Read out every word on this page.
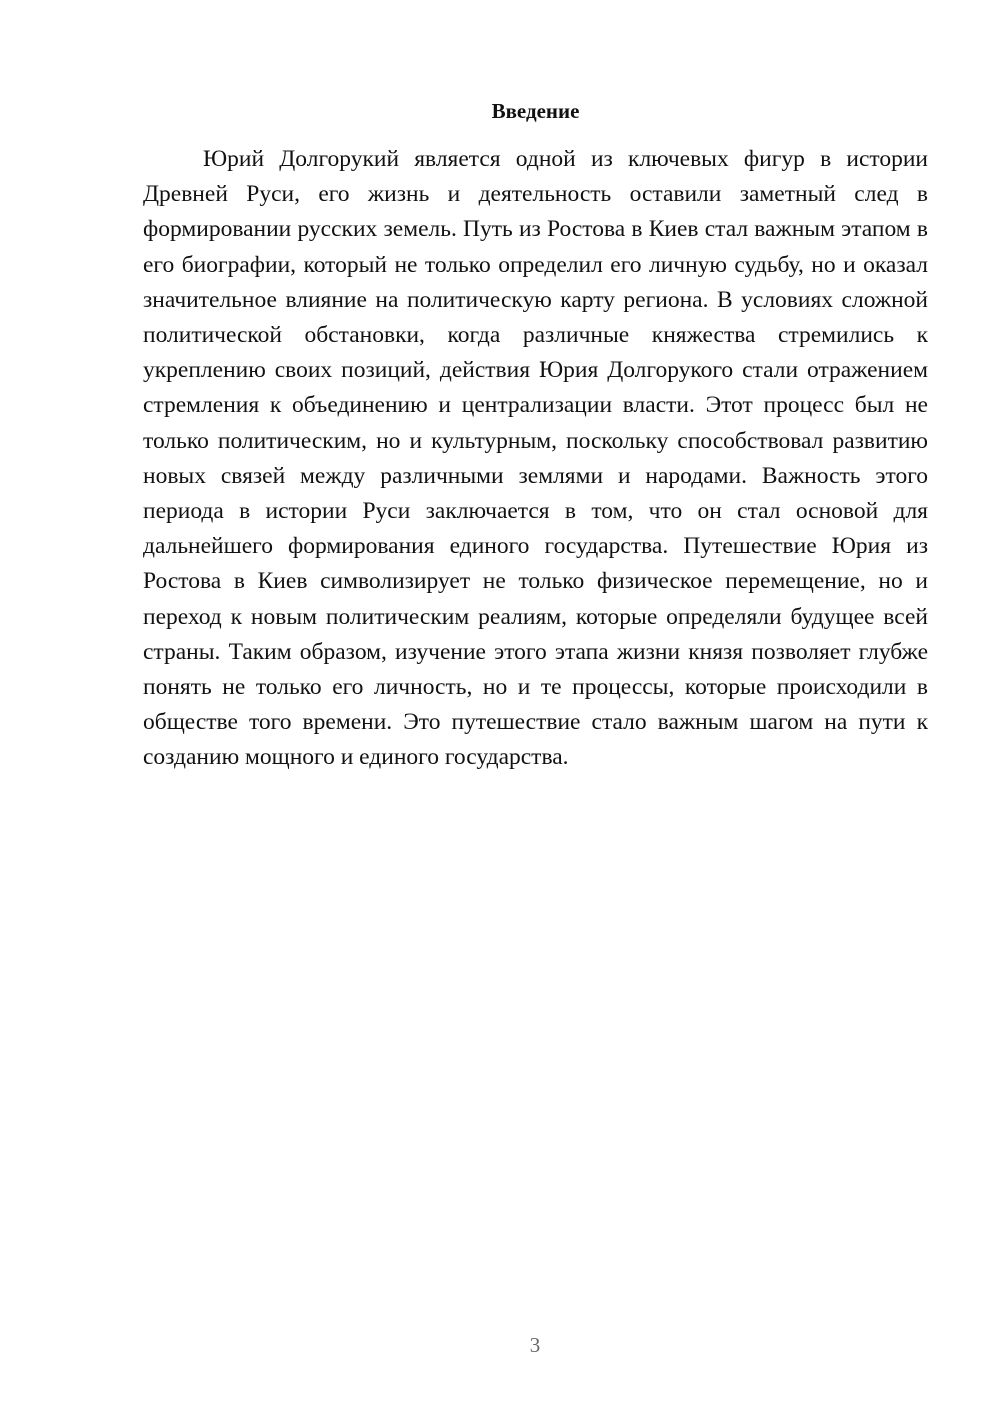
Введение

Юрий Долгорукий является одной из ключевых фигур в истории Древней Руси, его жизнь и деятельность оставили заметный след в формировании русских земель. Путь из Ростова в Киев стал важным этапом в его биографии, который не только определил его личную судьбу, но и оказал значительное влияние на политическую карту региона. В условиях сложной политической обстановки, когда различные княжества стремились к укреплению своих позиций, действия Юрия Долгорукого стали отражением стремления к объединению и централизации власти. Этот процесс был не только политическим, но и культурным, поскольку способствовал развитию новых связей между различными землями и народами. Важность этого периода в истории Руси заключается в том, что он стал основой для дальнейшего формирования единого государства. Путешествие Юрия из Ростова в Киев символизирует не только физическое перемещение, но и переход к новым политическим реалиям, которые определяли будущее всей страны. Таким образом, изучение этого этапа жизни князя позволяет глубже понять не только его личность, но и те процессы, которые происходили в обществе того времени. Это путешествие стало важным шагом на пути к созданию мощного и единого государства.

3
